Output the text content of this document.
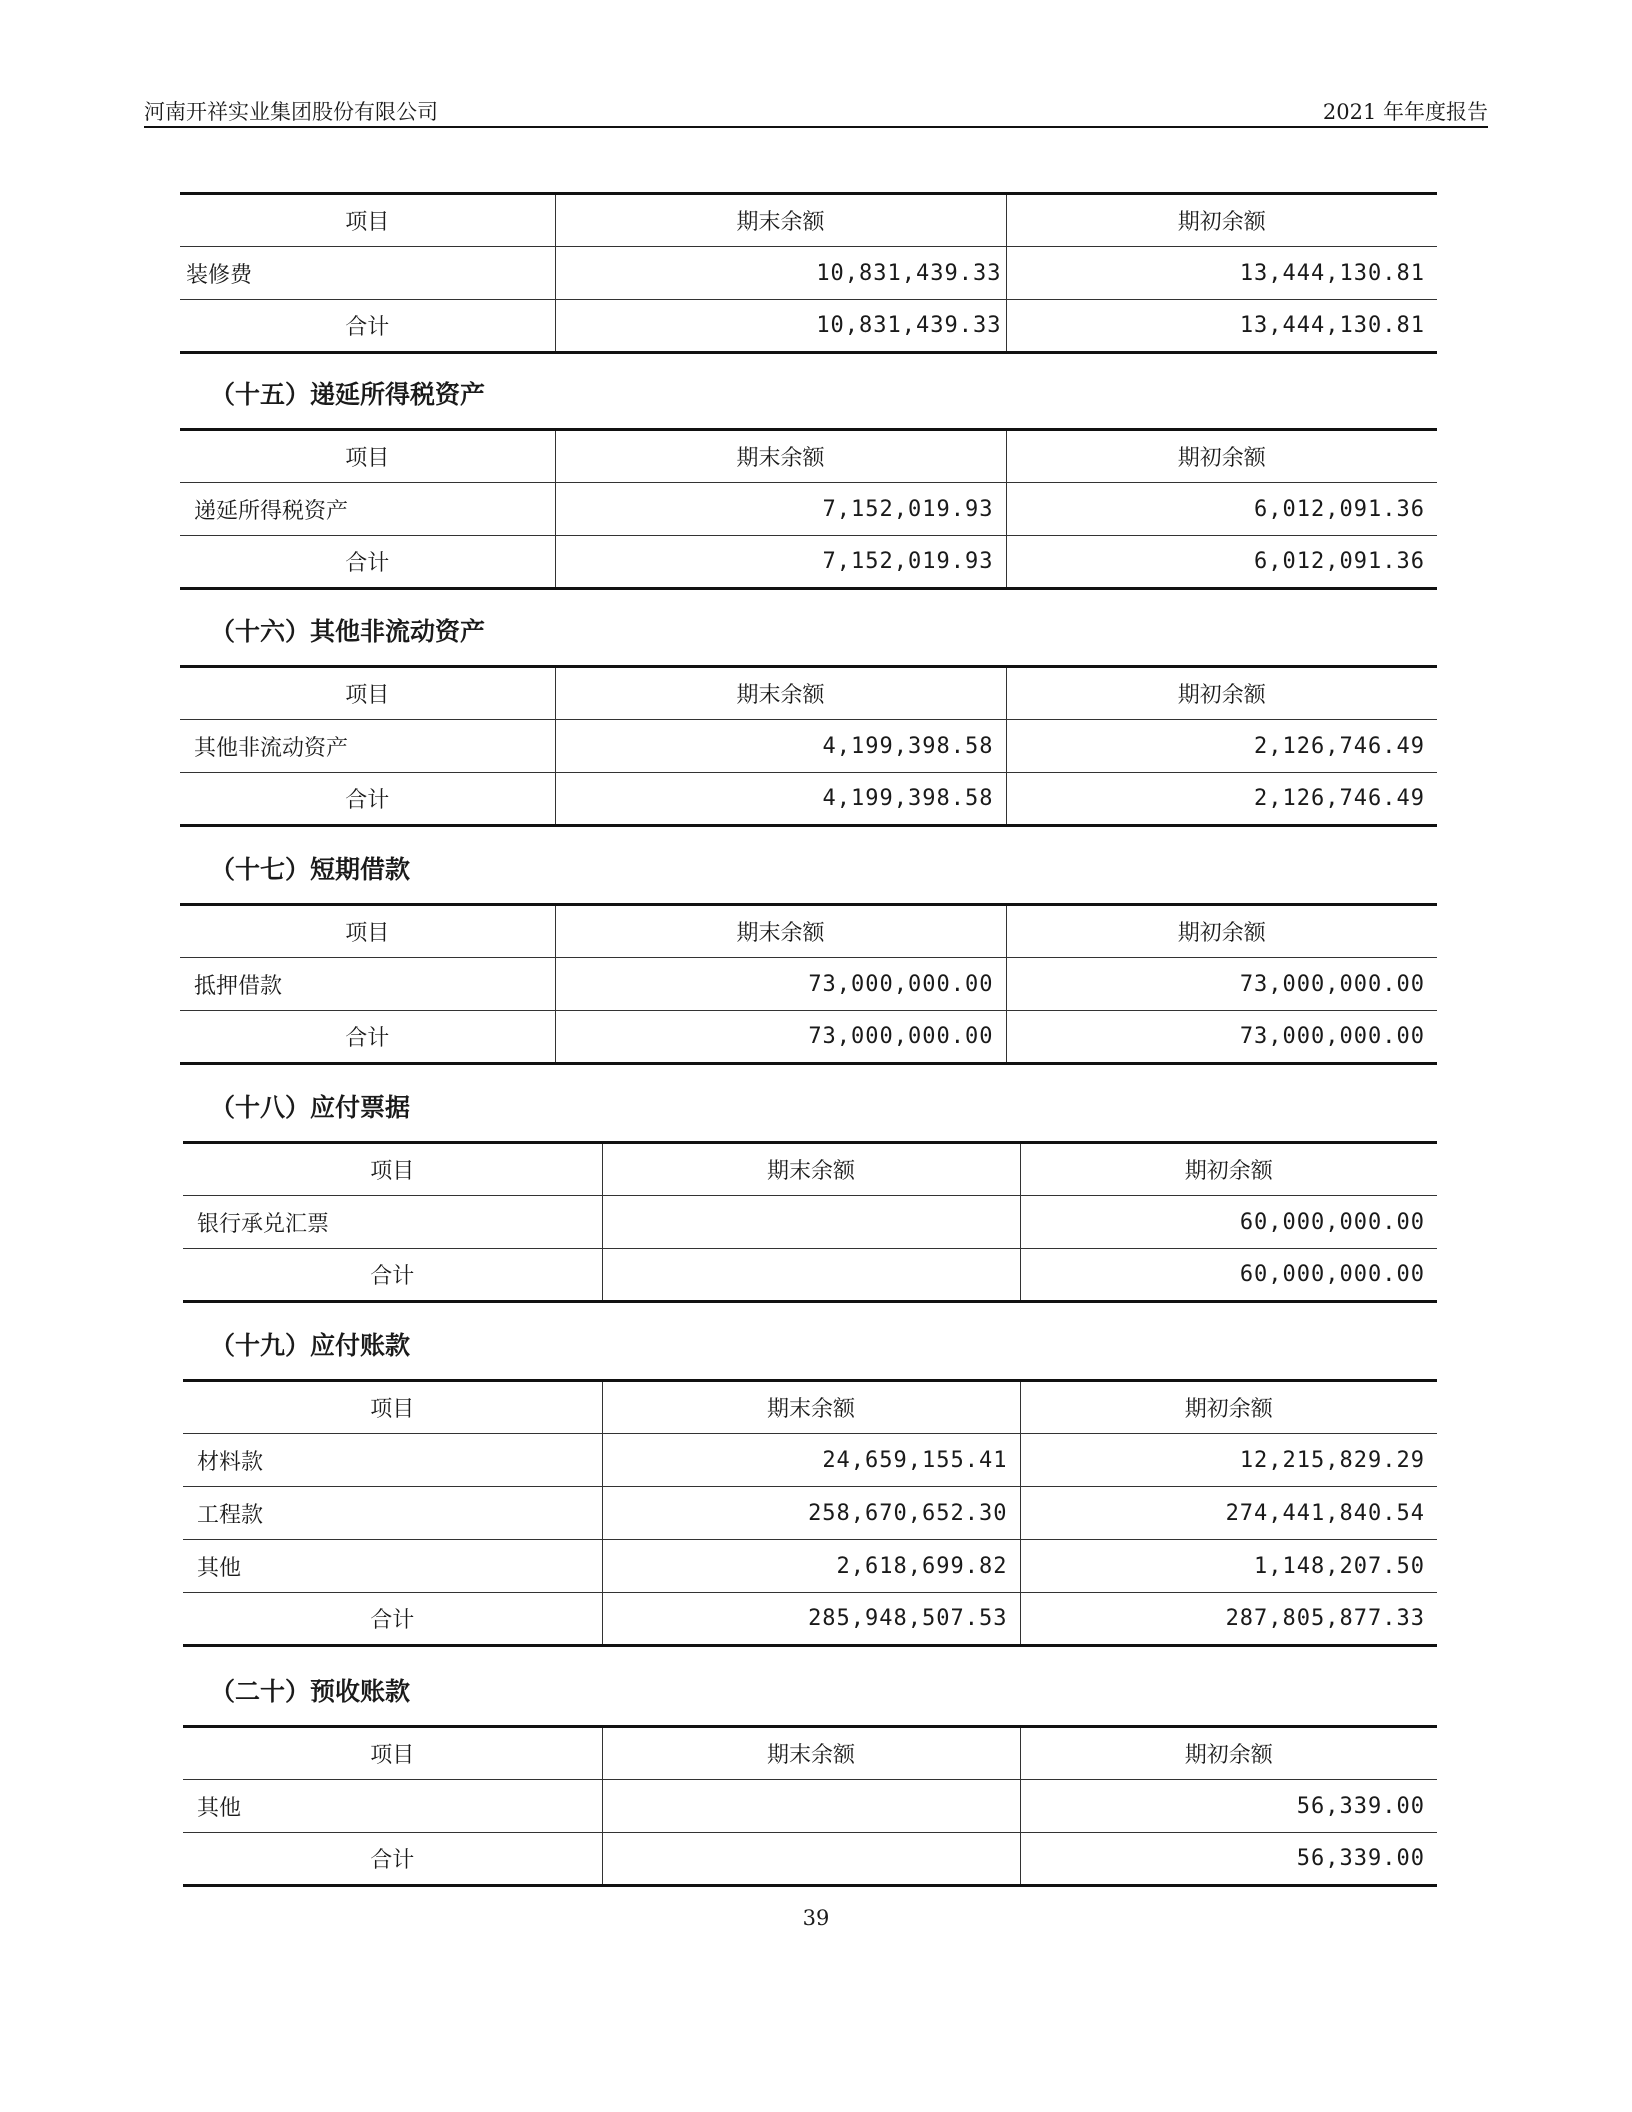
河南开祥实业集团股份有限公司	2021 年年度报告
项目	期末余额	期初余额
装修费	10,831,439.33	13,444,130.81
合计	10,831,439.33	13,444,130.81
（十五）递延所得税资产
项目	期末余额	期初余额
递延所得税资产	7,152,019.93	6,012,091.36
合计	7,152,019.93	6,012,091.36
（十六）其他非流动资产
项目	期末余额	期初余额
其他非流动资产	4,199,398.58	2,126,746.49
合计	4,199,398.58	2,126,746.49
（十七）短期借款
项目	期末余额	期初余额
抵押借款	73,000,000.00	73,000,000.00
合计	73,000,000.00	73,000,000.00
（十八）应付票据
项目	期末余额	期初余额
银行承兑汇票		60,000,000.00
合计		60,000,000.00
（十九）应付账款
项目	期末余额	期初余额
材料款	24,659,155.41	12,215,829.29
工程款	258,670,652.30	274,441,840.54
其他	2,618,699.82	1,148,207.50
合计	285,948,507.53	287,805,877.33
（二十）预收账款
项目	期末余额	期初余额
其他		56,339.00
合计		56,339.00
39
